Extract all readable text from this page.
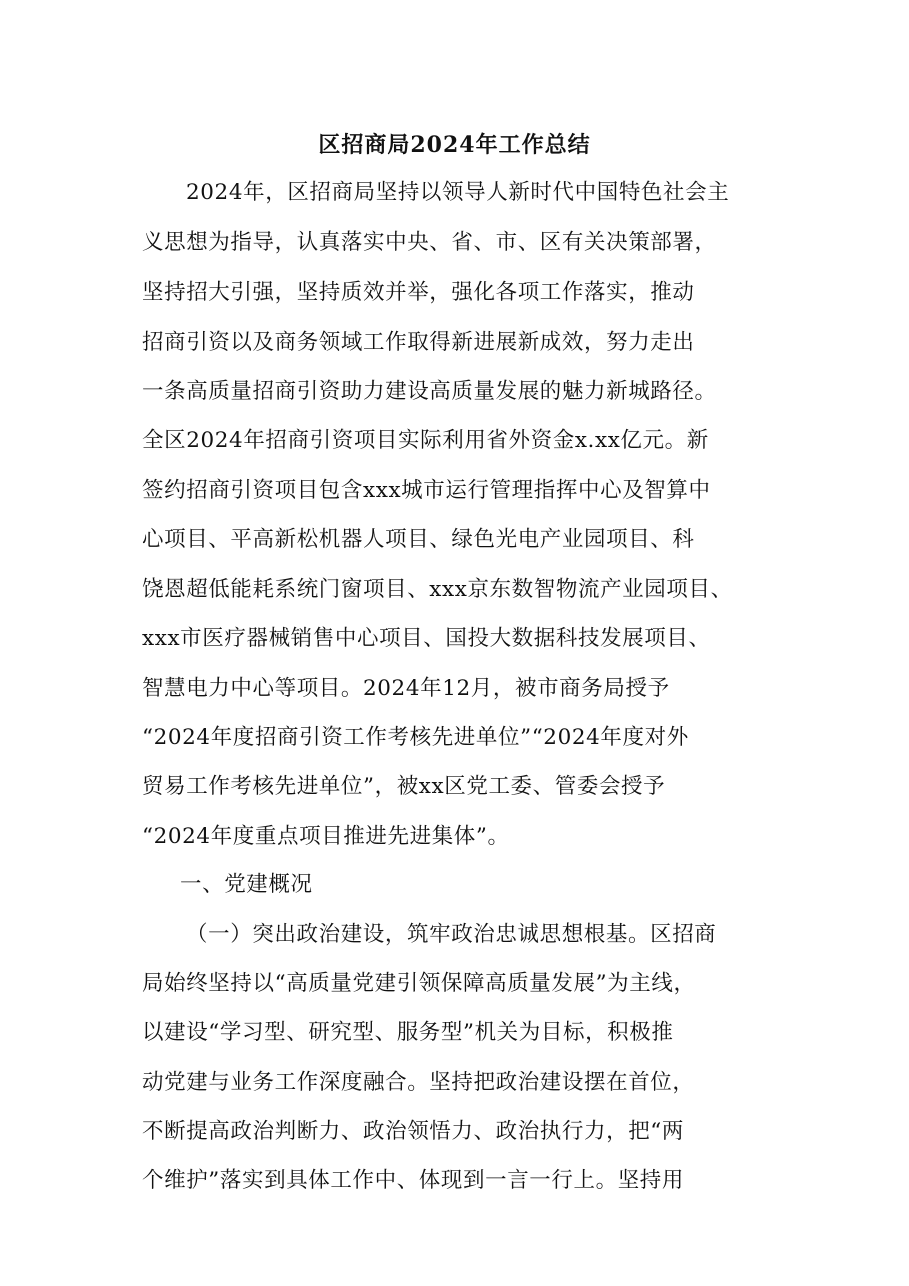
区招商局2024年工作总结
2024年，区招商局坚持以领导人新时代中国特色社会主
义思想为指导，认真落实中央、省、市、区有关决策部署，
坚持招大引强，坚持质效并举，强化各项工作落实，推动
招商引资以及商务领域工作取得新进展新成效，努力走出
一条高质量招商引资助力建设高质量发展的魅力新城路径。
全区2024年招商引资项目实际利用省外资金x.xx亿元。新
签约招商引资项目包含xxx城市运行管理指挥中心及智算中
心项目、平高新松机器人项目、绿色光电产业园项目、科
饶恩超低能耗系统门窗项目、xxx京东数智物流产业园项目、
xxx市医疗器械销售中心项目、国投大数据科技发展项目、
智慧电力中心等项目。2024年12月，被市商务局授予
“2024年度招商引资工作考核先进单位”“2024年度对外
贸易工作考核先进单位”，被xx区党工委、管委会授予
“2024年度重点项目推进先进集体”。
一、党建概况
（一）突出政治建设，筑牢政治忠诚思想根基。区招商
局始终坚持以“高质量党建引领保障高质量发展”为主线，
以建设“学习型、研究型、服务型”机关为目标，积极推
动党建与业务工作深度融合。坚持把政治建设摆在首位，
不断提高政治判断力、政治领悟力、政治执行力，把“两
个维护”落实到具体工作中、体现到一言一行上。坚持用
